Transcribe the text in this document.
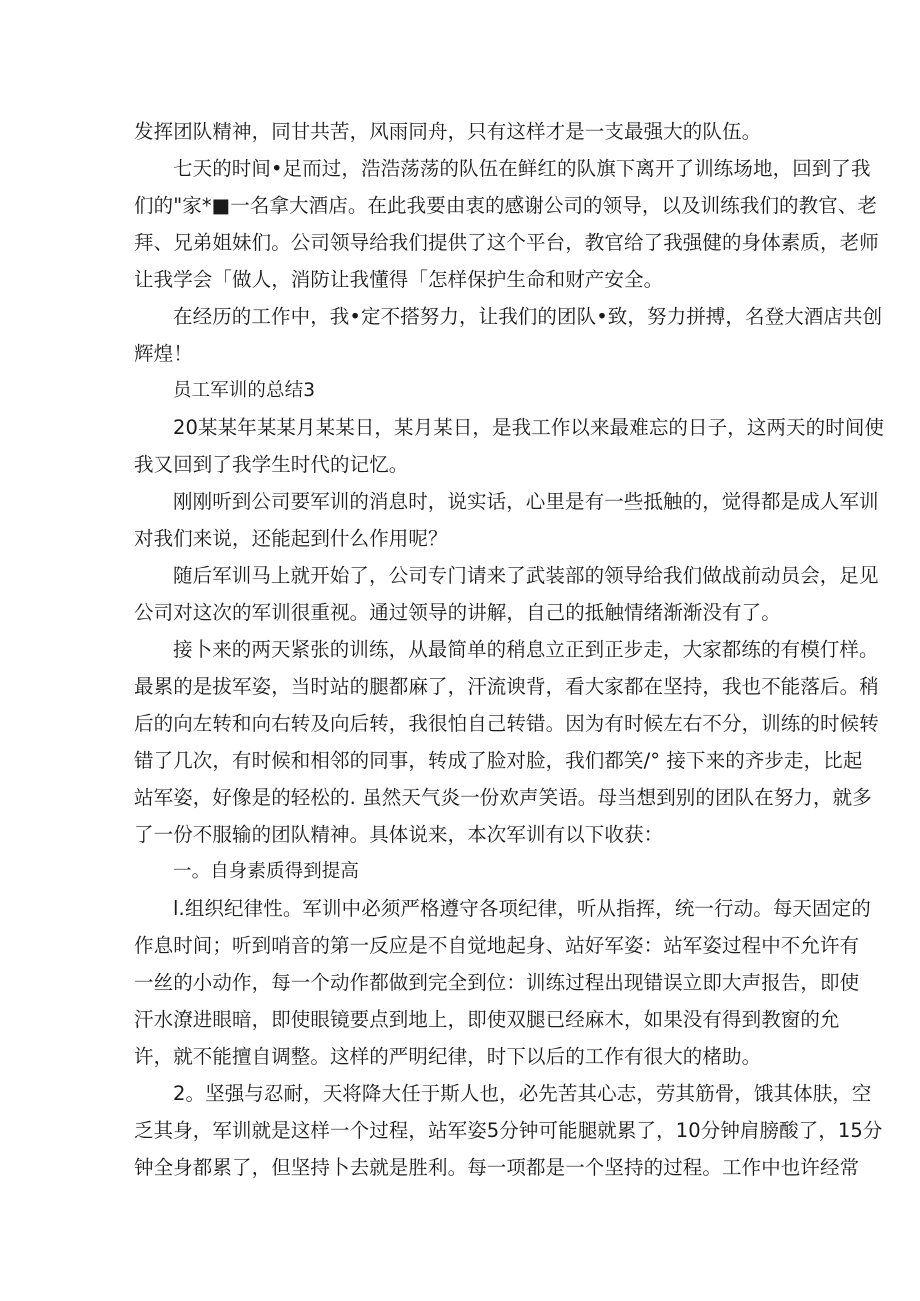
发挥团队精神，同甘共苦，风雨同舟，只有这样才是一支最强大的队伍。
七天的时间•足而过，浩浩荡荡的队伍在鲜红的队旗下离开了训练场地，回到了我
们的"家*■一名拿大酒店。在此我要由衷的感谢公司的领导，以及训练我们的教官、老
拜、兄弟姐妹们。公司领导给我们提供了这个平台，教官给了我强健的身体素质，老师
让我学会「做人，消防让我懂得「怎样保护生命和财产安全。
在经历的工作中，我•定不搭努力，让我们的团队•致，努力拼搏，名登大酒店共创
辉煌！
员工军训的总结3
20某某年某某月某某日，某月某日，是我工作以来最难忘的日子，这两天的时间使
我又回到了我学生时代的记忆。
刚刚听到公司要军训的消息时，说实话，心里是有一些抵触的，觉得都是成人军训
对我们来说，还能起到什么作用呢？
随后军训马上就开始了，公司专门请来了武装部的领导给我们做战前动员会，足见
公司对这次的军训很重视。通过领导的讲解，自己的抵触情绪渐渐没有了。
接卜来的两天紧张的训练，从最简单的稍息立正到正步走，大家都练的有模仃样。
最累的是拔军姿，当时站的腿都麻了，汗流谀背，看大家都在坚持，我也不能落后。稍
后的向左转和向右转及向后转，我很怕自己转错。因为有时候左右不分，训练的时候转
错了几次，有时候和相邻的同事，转成了脸对脸，我们都笑/° 接下来的齐步走，比起
站军姿，好像是的轻松的. 虽然天气炎一份欢声笑语。母当想到别的团队在努力，就多
了一份不服输的团队精神。具体说来，本次军训有以下收获：
一。自身素质得到提高
l.组织纪律性。军训中必须严格遵守各项纪律，听从指挥，统一行动。每天固定的
作息时间；听到哨音的第一反应是不自觉地起身、站好军姿：站军姿过程中不允许有
一丝的小动作，每一个动作都做到完全到位：训练过程出现错误立即大声报告，即使
汗水潦进眼暗，即使眼镜要点到地上，即使双腿已经麻木，如果没有得到教窗的允
许，就不能擅自调整。这样的严明纪律，时下以后的工作有很大的楮助。
2。坚强与忍耐，天将降大任于斯人也，必先苦其心志，劳其筋骨，饿其体肤，空
乏其身，军训就是这样一个过程，站军姿5分钟可能腿就累了，10分钟肩膀酸了，15分
钟全身都累了，但坚持卜去就是胜利。每一项都是一个坚持的过程。工作中也许经常
